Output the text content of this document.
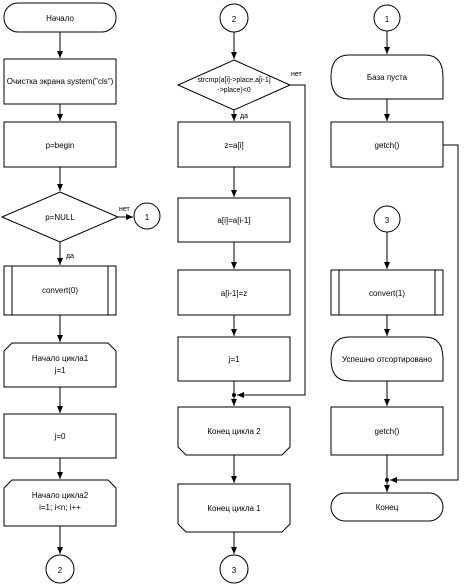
Начало
Очистка экрана system("cls")
p=begin
p=NULL
convert(0)
Начало цикла1
j=1
j=0
Начало цикла2
i=1; i<n; i++
2
1
нет
да
2
strcmp(a[i]->place,a[i-1]
->place)<0
z=a[i]
a[i]=a[i-1]
a[i-1]=z
j=1
Конец цикла 2
Конец цикла 1
3
да
нет
1
База пуста
getch()
3
convert(1)
Успешно отсортировано
getch()
Конец
